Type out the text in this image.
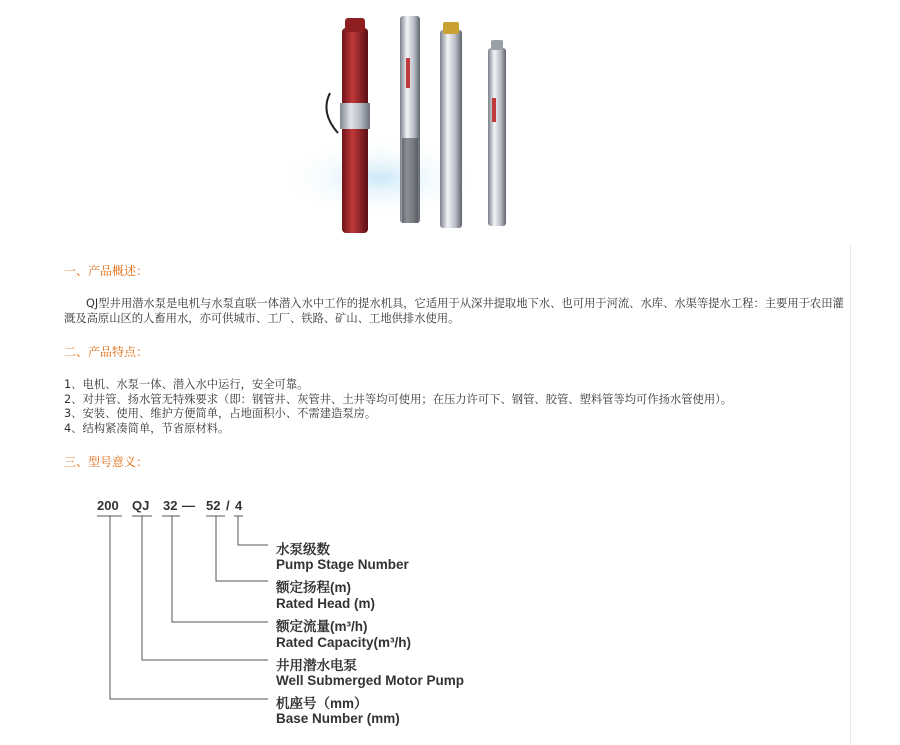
一、产品概述：
QJ型井用潜水泵是电机与水泵直联一体潜入水中工作的提水机具，它适用于从深井提取地下水、也可用于河流、水库、水渠等提水工程：主要用于农田灌溉及高原山区的人畜用水，亦可供城市、工厂、铁路、矿山、工地供排水使用。
二、产品特点：
1、电机、水泵一体、潜入水中运行，安全可靠。
2、对井管、扬水管无特殊要求（即：钢管井、灰管井、土井等均可使用；在压力许可下、钢管、胶管、塑料管等均可作扬水管使用）。
3、安装、使用、维护方便简单，占地面积小、不需建造泵房。
4、结构紧凑简单，节省原材料。
三、型号意义：
200 QJ 32 — 52 / 4
水泵级数
Pump Stage Number
额定扬程(m)
Rated Head (m)
额定流量(m³/h)
Rated Capacity(m³/h)
井用潜水电泵
Well Submerged Motor Pump
机座号（mm）
Base Number (mm)
